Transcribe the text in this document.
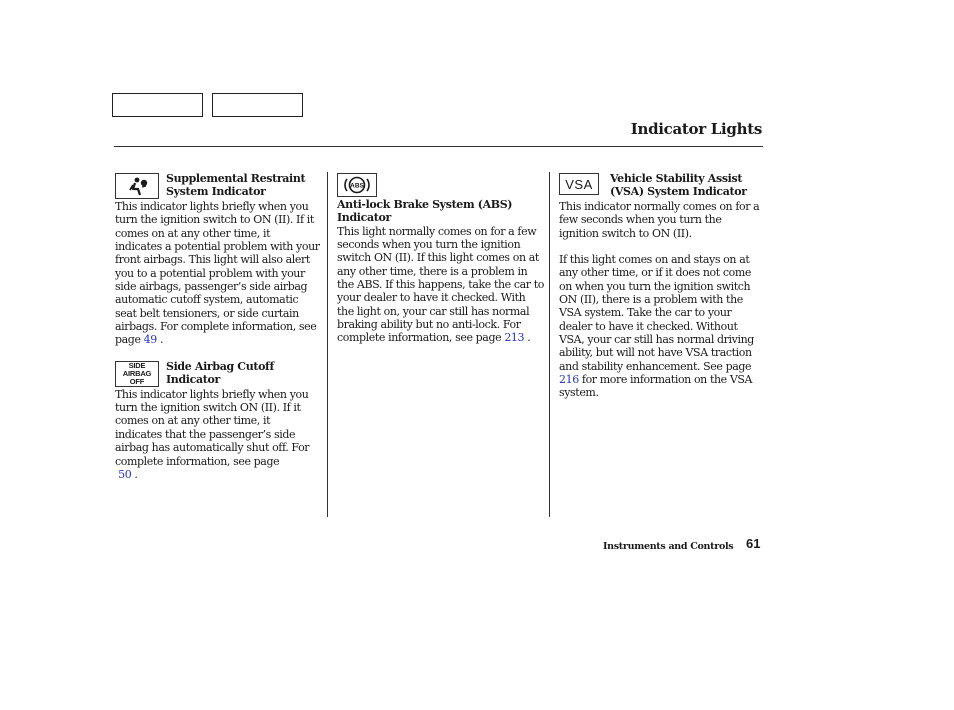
Indicator Lights
Supplemental Restraint
System Indicator

This indicator lights briefly when you turn the ignition switch to ON (II). If it comes on at any other time, it indicates a potential problem with your front airbags. This light will also alert you to a potential problem with your side airbags, passenger’s side airbag automatic cutoff system, automatic seat belt tensioners, or side curtain airbags. For complete information, see page 49 .

SIDE
AIRBAG
OFF
Side Airbag Cutoff
Indicator

This indicator lights briefly when you turn the ignition switch ON (II). If it comes on at any other time, it indicates that the passenger’s side airbag has automatically shut off. For complete information, see page
50 .

ABS
Anti-lock Brake System (ABS)
Indicator

This light normally comes on for a few seconds when you turn the ignition switch ON (II). If this light comes on at any other time, there is a problem in the ABS. If this happens, take the car to your dealer to have it checked. With the light on, your car still has normal braking ability but no anti-lock. For complete information, see page 213 .

VSA Vehicle Stability Assist
(VSA) System Indicator

This indicator normally comes on for a few seconds when you turn the ignition switch to ON (II).

If this light comes on and stays on at any other time, or if it does not come on when you turn the ignition switch ON (II), there is a problem with the VSA system. Take the car to your dealer to have it checked. Without VSA, your car still has normal driving ability, but will not have VSA traction and stability enhancement. See page 216 for more information on the VSA system.

Instruments and Controls 61
